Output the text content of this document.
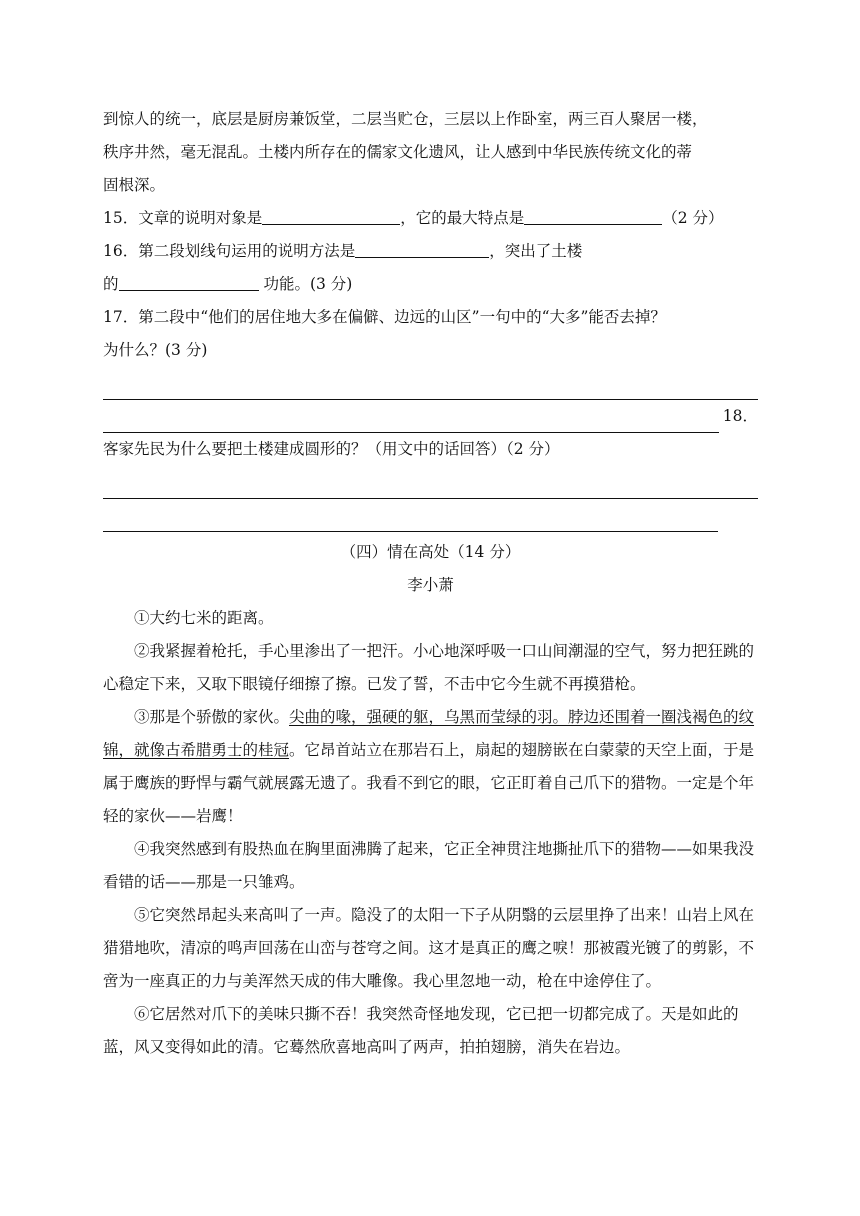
到惊人的统一，底层是厨房兼饭堂，二层当贮仓，三层以上作卧室，两三百人聚居一楼，

秩序井然，毫无混乱。土楼内所存在的儒家文化遗风，让人感到中华民族传统文化的蒂

固根深。

15．文章的说明对象是	，它的最大特点是	（2 分）

16．第二段划线句运用的说明方法是	，突出了土楼

的	功能。(3 分)

17．第二段中“他们的居住地大多在偏僻、边远的山区”一句中的“大多”能否去掉？

为什么？(3 分)

18．

客家先民为什么要把土楼建成圆形的？（用文中的话回答）（2 分）

（四）情在高处（14 分）

李小萧

①大约七米的距离。

②我紧握着枪托，手心里渗出了一把汗。小心地深呼吸一口山间潮湿的空气，努力把狂跳的心稳定下来，又取下眼镜仔细擦了擦。已发了誓，不击中它今生就不再摸猎枪。

③那是个骄傲的家伙。尖曲的喙，强硬的躯，乌黑而莹绿的羽。脖边还围着一圈浅褐色的纹锦，就像古希腊勇士的桂冠。它昂首站立在那岩石上，扇起的翅膀嵌在白蒙蒙的天空上面，于是属于鹰族的野悍与霸气就展露无遗了。我看不到它的眼，它正盯着自己爪下的猎物。一定是个年轻的家伙——岩鹰！

④我突然感到有股热血在胸里面沸腾了起来，它正全神贯注地撕扯爪下的猎物——如果我没看错的话——那是一只雏鸡。

⑤它突然昂起头来高叫了一声。隐没了的太阳一下子从阴翳的云层里挣了出来！山岩上风在猎猎地吹，清凉的鸣声回荡在山峦与苍穹之间。这才是真正的鹰之唳！那被霞光镀了的剪影，不啻为一座真正的力与美浑然天成的伟大雕像。我心里忽地一动，枪在中途停住了。

⑥它居然对爪下的美味只撕不吞！我突然奇怪地发现，它已把一切都完成了。天是如此的蓝，风又变得如此的清。它蓦然欣喜地高叫了两声，拍拍翅膀，消失在岩边。
